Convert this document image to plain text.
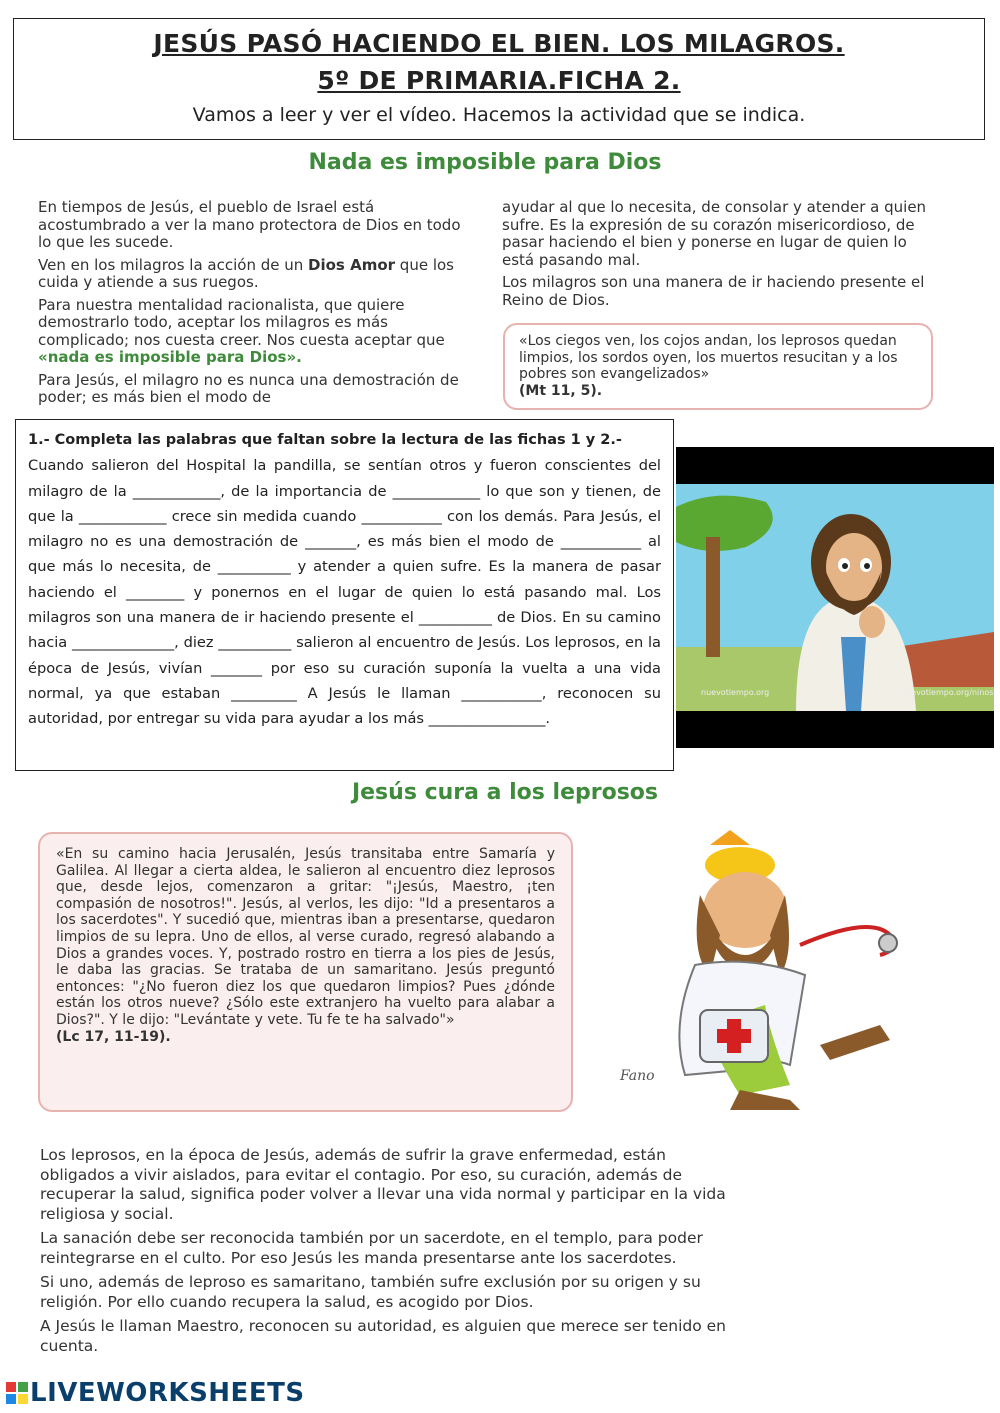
JESÚS PASÓ HACIENDO EL BIEN. LOS MILAGROS.
5º DE PRIMARIA.FICHA 2.
Vamos a leer y ver el vídeo. Hacemos la actividad que se indica.
Nada es imposible para Dios

En tiempos de Jesús, el pueblo de Israel está acostumbrado a ver la mano protectora de Dios en todo lo que les sucede.

Ven en los milagros la acción de un Dios Amor que los cuida y atiende a sus ruegos.

Para nuestra mentalidad racionalista, que quiere demostrarlo todo, aceptar los milagros es más complicado; nos cuesta creer. Nos cuesta aceptar que «nada es imposible para Dios».

Para Jesús, el milagro no es nunca una demostración de poder; es más bien el modo de

ayudar al que lo necesita, de consolar y atender a quien sufre. Es la expresión de su corazón misericordioso, de pasar haciendo el bien y ponerse en lugar de quien lo está pasando mal.

Los milagros son una manera de ir haciendo presente el Reino de Dios.

«Los ciegos ven, los cojos andan, los leprosos quedan limpios, los sordos oyen, los muertos resucitan y a los pobres son evangelizados»
(Mt 11, 5).
1.- Completa las palabras que faltan sobre la lectura de las fichas 1 y 2.-
Cuando salieron del Hospital la pandilla, se sentían otros y fueron conscientes del milagro de la ____________, de la importancia de ____________ lo que son y tienen, de que la ____________ crece sin medida cuando ___________ con los demás. Para Jesús, el milagro no es una demostración de _______, es más bien el modo de ___________ al que más lo necesita, de __________ y atender a quien sufre. Es la manera de pasar haciendo el ________ y ponernos en el lugar de quien lo está pasando mal. Los milagros son una manera de ir haciendo presente el __________ de Dios. En su camino hacia ______________, diez __________ salieron al encuentro de Jesús. Los leprosos, en la época de Jesús, vivían _______ por eso su curación suponía la vuelta a una vida normal, ya que estaban _________ A Jesús le llaman ___________, reconocen su autoridad, por entregar su vida para ayudar a los más ________________.
nuevotiempo.org	nuevotiempo.org/ninos
Jesús cura a los leprosos
«En su camino hacia Jerusalén, Jesús transitaba entre Samaría y Galilea. Al llegar a cierta aldea, le salieron al encuentro diez leprosos que, desde lejos, comenzaron a gritar: "¡Jesús, Maestro, ¡ten compasión de nosotros!". Jesús, al verlos, les dijo: "Id a presentaros a los sacerdotes". Y sucedió que, mientras iban a presentarse, quedaron limpios de su lepra. Uno de ellos, al verse curado, regresó alabando a Dios a grandes voces. Y, postrado rostro en tierra a los pies de Jesús, le daba las gracias. Se trataba de un samaritano. Jesús preguntó entonces: "¿No fueron diez los que quedaron limpios? Pues ¿dónde están los otros nueve? ¿Sólo este extranjero ha vuelto para alabar a Dios?". Y le dijo: "Levántate y vete. Tu fe te ha salvado"»
(Lc 17, 11-19).
Fano

Los leprosos, en la época de Jesús, además de sufrir la grave enfermedad, están obligados a vivir aislados, para evitar el contagio. Por eso, su curación, además de recuperar la salud, significa poder volver a llevar una vida normal y participar en la vida religiosa y social.

La sanación debe ser reconocida también por un sacerdote, en el templo, para poder reintegrarse en el culto. Por eso Jesús les manda presentarse ante los sacerdotes.

Si uno, además de leproso es samaritano, también sufre exclusión por su origen y su religión. Por ello cuando recupera la salud, es acogido por Dios.

A Jesús le llaman Maestro, reconocen su autoridad, es alguien que merece ser tenido en cuenta.

LIVEWORKSHEETS
